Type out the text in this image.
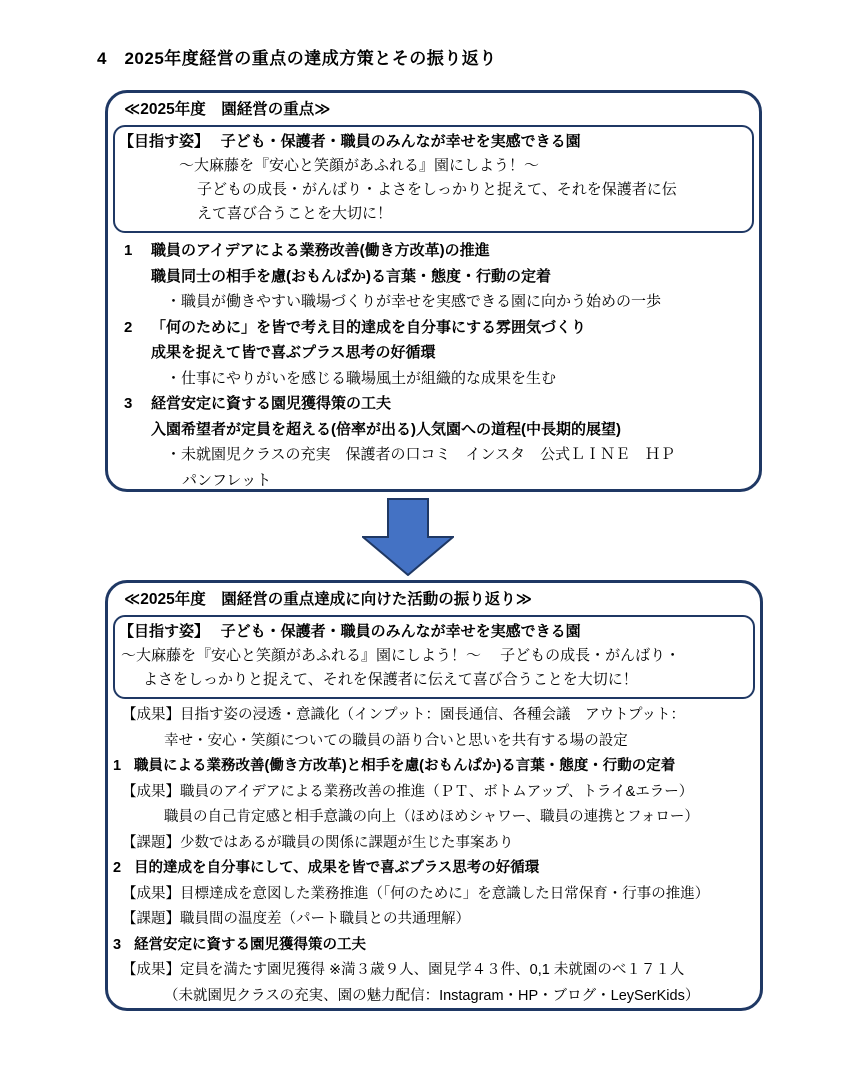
4　2025年度経営の重点の達成方策とその振り返り
≪2025年度　園経営の重点≫
【目指す姿】　 子ども・保護者・職員のみんなが幸せを実感できる園
～大麻藤を『安心と笑顔があふれる』園にしよう！～
子どもの成長・がんばり・よさをしっかりと捉えて、それを保護者に伝
えて喜び合うことを大切に！
1 職員のアイデアによる業務改善(働き方改革)の推進
職員同士の相手を慮(おもんぱか)る言葉・態度・行動の定着
・職員が働きやすい職場づくりが幸せを実感できる園に向かう始めの一歩
2 「何のために」を皆で考え目的達成を自分事にする雰囲気づくり
成果を捉えて皆で喜ぶプラス思考の好循環
・仕事にやりがいを感じる職場風土が組織的な成果を生む
3 経営安定に資する園児獲得策の工夫
入園希望者が定員を超える(倍率が出る)人気園への道程(中長期的展望)
・未就園児クラスの充実　保護者の口コミ　インスタ　公式ＬＩＮＥ　ＨＰ
パンフレット
≪2025年度　園経営の重点達成に向けた活動の振り返り≫
【目指す姿】　 子ども・保護者・職員のみんなが幸せを実感できる園
～大麻藤を『安心と笑顔があふれる』園にしよう！～　 子どもの成長・がんばり・
よさをしっかりと捉えて、それを保護者に伝えて喜び合うことを大切に！
【成果】目指す姿の浸透・意識化（インプット：園長通信、各種会議　アウトプット：
幸せ・安心・笑顔についての職員の語り合いと思いを共有する場の設定
1 職員による業務改善(働き方改革)と相手を慮(おもんぱか)る言葉・態度・行動の定着
【成果】職員のアイデアによる業務改善の推進（ＰＴ、ボトムアップ、トライ&エラー）
職員の自己肯定感と相手意識の向上（ほめほめシャワー、職員の連携とフォロー）
【課題】少数ではあるが職員の関係に課題が生じた事案あり
2 目的達成を自分事にして、成果を皆で喜ぶプラス思考の好循環
【成果】目標達成を意図した業務推進（「何のために」を意識した日常保育・行事の推進）
【課題】職員間の温度差（パート職員との共通理解）
3 経営安定に資する園児獲得策の工夫
【成果】定員を満たす園児獲得 ※満３歳９人、園見学４３件、0,1 未就園のべ１７１人
（未就園児クラスの充実、園の魅力配信：Instagram・HP・ブログ・LeySerKids）
